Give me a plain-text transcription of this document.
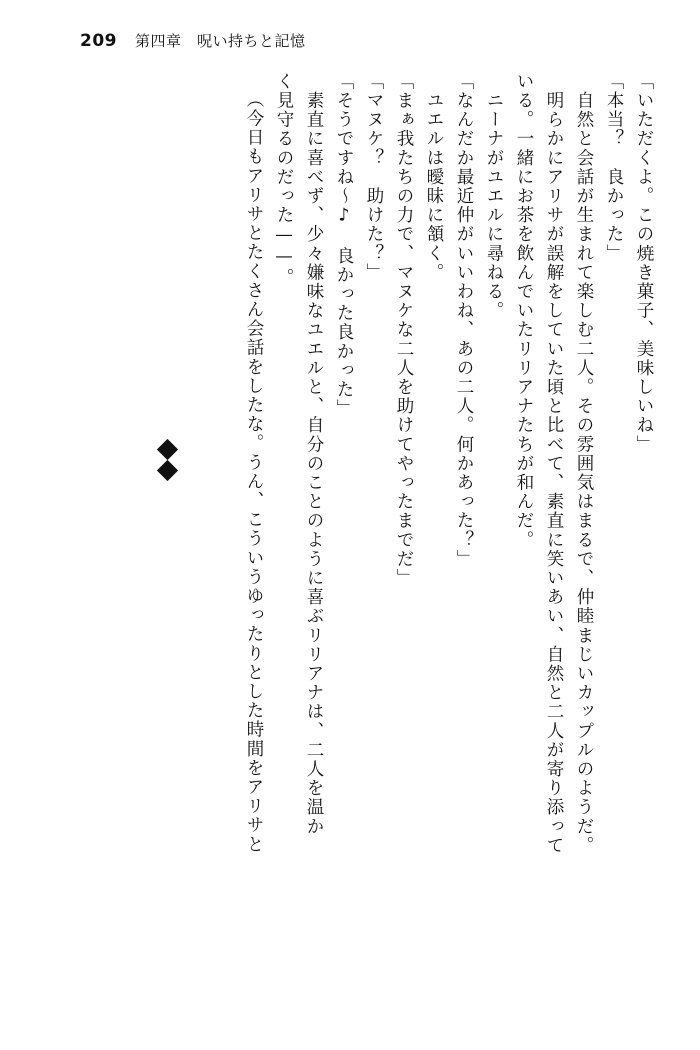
209 第四章　呪い持ちと記憶
「いただくよ。この焼き菓子、美味しいね」
「本当？　良かった」
　自然と会話が生まれて楽しむ二人。その雰囲気はまるで、仲睦まじいカップルのようだ。
　明らかにアリサが誤解をしていた頃と比べて、素直に笑いあい、自然と二人が寄り添って
いる。一緒にお茶を飲んでいたリリアナたちが和んだ。
　ニーナがユエルに尋ねる。
「なんだか最近仲がいいわね、あの二人。何かあった？」
　ユエルは曖昧に頷く。
「まぁ我たちの力で、マヌケな二人を助けてやったまでだ」
「マヌケ？　助けた？」
「そうですね～♪　良かった良かった」
　素直に喜べず、少々嫌味なユエルと、自分のことのように喜ぶリリアナは、二人を温か
く見守るのだった——。
（今日もアリサとたくさん会話をしたな。うん、こういうゆったりとした時間をアリサと
